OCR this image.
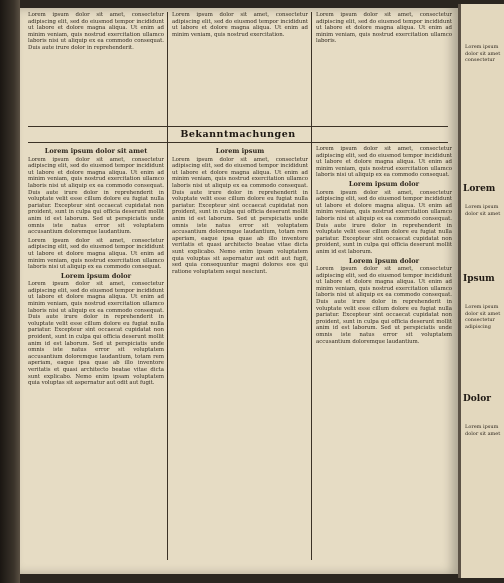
Bekanntmachungen

Lorem ipsum dolor sit amet, consectetur adipiscing elit, sed do eiusmod tempor incididunt ut labore et dolore magna aliqua. Ut enim ad minim veniam, quis nostrud exercitation ullamco laboris nisi ut aliquip ex ea commodo consequat. Duis aute irure dolor in reprehenderit.

Lorem ipsum dolor sit amet

Lorem ipsum dolor sit amet, consectetur adipiscing elit, sed do eiusmod tempor incididunt ut labore et dolore magna aliqua. Ut enim ad minim veniam, quis nostrud exercitation ullamco laboris nisi ut aliquip ex ea commodo consequat. Duis aute irure dolor in reprehenderit in voluptate velit esse cillum dolore eu fugiat nulla pariatur. Excepteur sint occaecat cupidatat non proident, sunt in culpa qui officia deserunt mollit anim id est laborum. Sed ut perspiciatis unde omnis iste natus error sit voluptatem accusantium doloremque laudantium.

Lorem ipsum dolor sit amet, consectetur adipiscing elit, sed do eiusmod tempor incididunt ut labore et dolore magna aliqua. Ut enim ad minim veniam, quis nostrud exercitation ullamco laboris nisi ut aliquip ex ea commodo consequat.

Lorem ipsum dolor

Lorem ipsum dolor sit amet, consectetur adipiscing elit, sed do eiusmod tempor incididunt ut labore et dolore magna aliqua. Ut enim ad minim veniam, quis nostrud exercitation ullamco laboris nisi ut aliquip ex ea commodo consequat. Duis aute irure dolor in reprehenderit in voluptate velit esse cillum dolore eu fugiat nulla pariatur. Excepteur sint occaecat cupidatat non proident, sunt in culpa qui officia deserunt mollit anim id est laborum. Sed ut perspiciatis unde omnis iste natus error sit voluptatem accusantium doloremque laudantium, totam rem aperiam, eaque ipsa quae ab illo inventore veritatis et quasi architecto beatae vitae dicta sunt explicabo. Nemo enim ipsam voluptatem quia voluptas sit aspernatur aut odit aut fugit.

Lorem ipsum dolor sit amet, consectetur adipiscing elit, sed do eiusmod tempor incididunt ut labore et dolore magna aliqua. Ut enim ad minim veniam, quis nostrud exercitation.

Lorem ipsum

Lorem ipsum dolor sit amet, consectetur adipiscing elit, sed do eiusmod tempor incididunt ut labore et dolore magna aliqua. Ut enim ad minim veniam, quis nostrud exercitation ullamco laboris nisi ut aliquip ex ea commodo consequat. Duis aute irure dolor in reprehenderit in voluptate velit esse cillum dolore eu fugiat nulla pariatur. Excepteur sint occaecat cupidatat non proident, sunt in culpa qui officia deserunt mollit anim id est laborum. Sed ut perspiciatis unde omnis iste natus error sit voluptatem accusantium doloremque laudantium, totam rem aperiam, eaque ipsa quae ab illo inventore veritatis et quasi architecto beatae vitae dicta sunt explicabo. Nemo enim ipsam voluptatem quia voluptas sit aspernatur aut odit aut fugit, sed quia consequuntur magni dolores eos qui ratione voluptatem sequi nesciunt.

Lorem ipsum dolor sit amet, consectetur adipiscing elit, sed do eiusmod tempor incididunt ut labore et dolore magna aliqua. Ut enim ad minim veniam, quis nostrud exercitation ullamco laboris.

Lorem ipsum dolor sit amet, consectetur adipiscing elit, sed do eiusmod tempor incididunt ut labore et dolore magna aliqua. Ut enim ad minim veniam, quis nostrud exercitation ullamco laboris nisi ut aliquip ex ea commodo consequat.

Lorem ipsum dolor

Lorem ipsum dolor sit amet, consectetur adipiscing elit, sed do eiusmod tempor incididunt ut labore et dolore magna aliqua. Ut enim ad minim veniam, quis nostrud exercitation ullamco laboris nisi ut aliquip ex ea commodo consequat. Duis aute irure dolor in reprehenderit in voluptate velit esse cillum dolore eu fugiat nulla pariatur. Excepteur sint occaecat cupidatat non proident, sunt in culpa qui officia deserunt mollit anim id est laborum.

Lorem ipsum dolor

Lorem ipsum dolor sit amet, consectetur adipiscing elit, sed do eiusmod tempor incididunt ut labore et dolore magna aliqua. Ut enim ad minim veniam, quis nostrud exercitation ullamco laboris nisi ut aliquip ex ea commodo consequat. Duis aute irure dolor in reprehenderit in voluptate velit esse cillum dolore eu fugiat nulla pariatur. Excepteur sint occaecat cupidatat non proident, sunt in culpa qui officia deserunt mollit anim id est laborum. Sed ut perspiciatis unde omnis iste natus error sit voluptatem accusantium doloremque laudantium.

Lorem ipsum dolor sit amet consectetur
Lorem
Lorem ipsum dolor sit amet
Ipsum
Lorem ipsum dolor sit amet consectetur adipiscing
Dolor
Lorem ipsum dolor sit amet
